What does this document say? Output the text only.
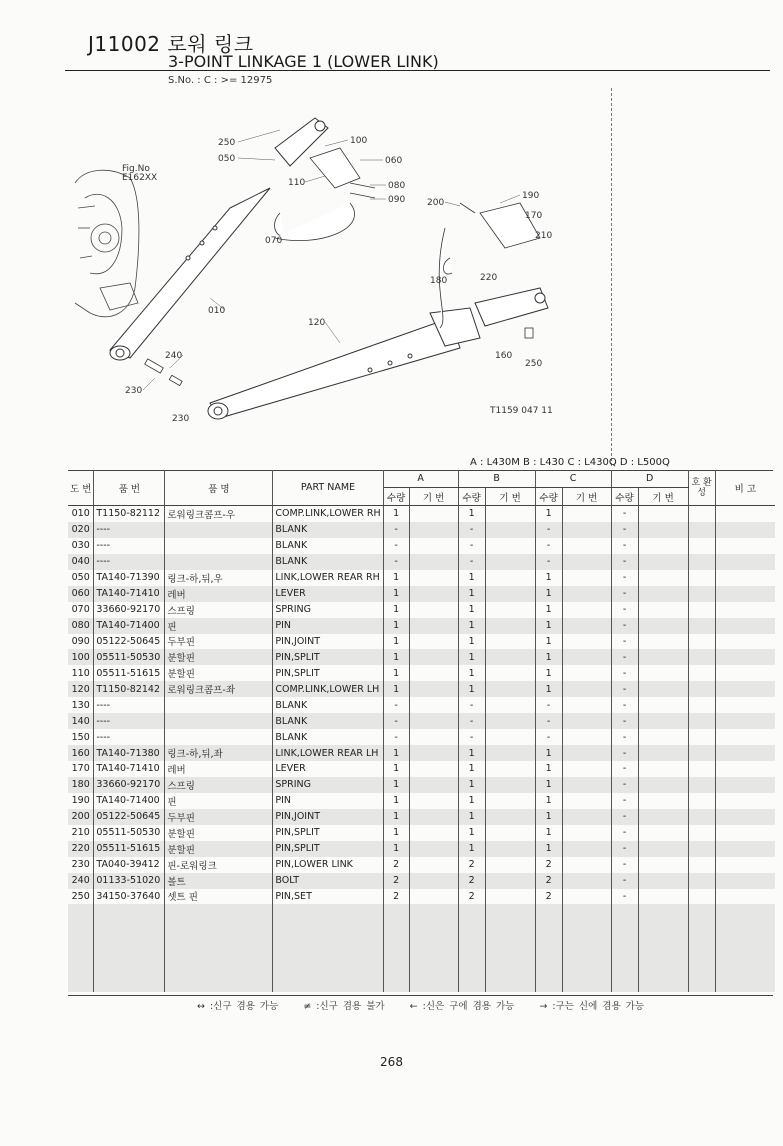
J11002 로워 링크
3-POINT LINKAGE 1 (LOWER LINK)
S.No. : C : >= 12975
Fig.No
E162XX
250
050
100
060
110	080
090
070
200
190
170
210
180	220
010
120
160
250
240
230
230
T1159 047 11
A : L430M B : L430 C : L430Q D : L500Q
도 번	품 번	품 명	PART NAME	A		B		C		D		호 환 성	비 고
				수량	기 번	수량	기 번	수량	기 번	수량	기 번		
010	T1150-82112	로워링크콤프-우	COMP.LINK,LOWER RH	1		1		1		-			
020	----		BLANK	-		-		-		-			
030	----		BLANK	-		-		-		-			
040	----		BLANK	-		-		-		-			
050	TA140-71390	링크-하,뒤,우	LINK,LOWER REAR RH	1		1		1		-			
060	TA140-71410	레버	LEVER	1		1		1		-			
070	33660-92170	스프링	SPRING	1		1		1		-			
080	TA140-71400	핀	PIN	1		1		1		-			
090	05122-50645	두부핀	PIN,JOINT	1		1		1		-			
100	05511-50530	분할핀	PIN,SPLIT	1		1		1		-			
110	05511-51615	분할핀	PIN,SPLIT	1		1		1		-			
120	T1150-82142	로워링크콤프-좌	COMP.LINK,LOWER LH	1		1		1		-			
130	----		BLANK	-		-		-		-			
140	----		BLANK	-		-		-		-			
150	----		BLANK	-		-		-		-			
160	TA140-71380	링크-하,뒤,좌	LINK,LOWER REAR LH	1		1		1		-			
170	TA140-71410	레버	LEVER	1		1		1		-			
180	33660-92170	스프링	SPRING	1		1		1		-			
190	TA140-71400	핀	PIN	1		1		1		-			
200	05122-50645	두부핀	PIN,JOINT	1		1		1		-			
210	05511-50530	분할핀	PIN,SPLIT	1		1		1		-			
220	05511-51615	분할핀	PIN,SPLIT	1		1		1		-			
230	TA040-39412	핀-로워링크	PIN,LOWER LINK	2		2		2		-			
240	01133-51020	볼트	BOLT	2		2		2		-			
250	34150-37640	셋트 핀	PIN,SET	2		2		2		-			

↔ :신구 겸용 가능	≠ :신구 겸용 불가	← :신은 구에 겸용 가능	→ :구는 신에 겸용 가능
268
